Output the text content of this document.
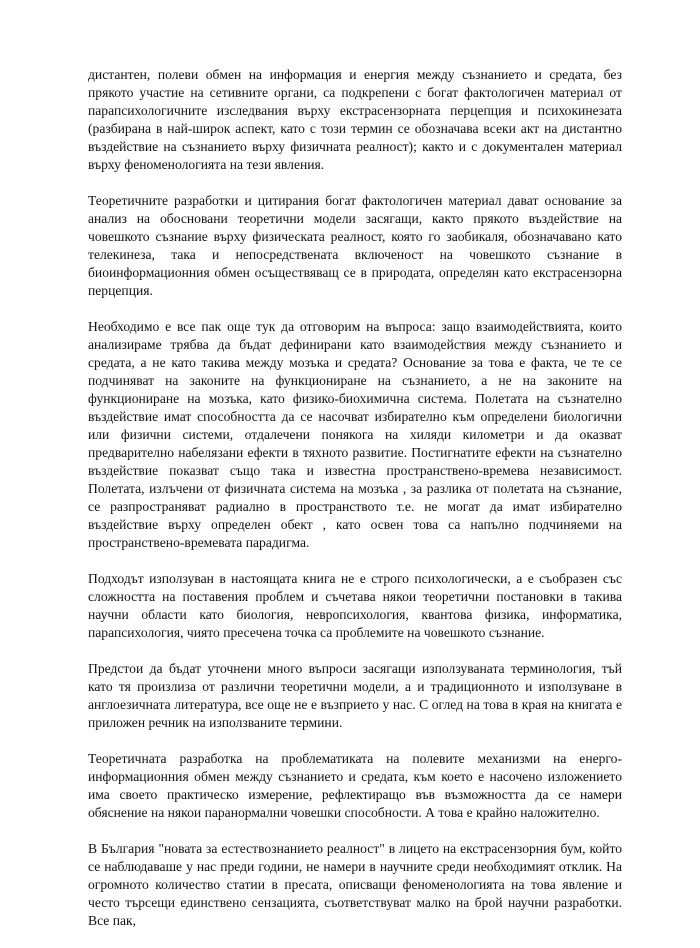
дистантен, полеви обмен на информация и енергия между съзнанието и средата, без прякото участие на сетивните органи, са подкрепени с богат фактологичен материал от парапсихологичните изследвания върху екстрасензорната перцепция и психокинезата (разбирана в най-широк аспект, като с този термин се обозначава всеки акт на дистантно въздействие на съзнанието върху физичната реалност); както и с документален материал върху феноменологията на тези явления.

Теоретичните разработки и цитирания богат фактологичен материал дават основание за анализ на обосновани теоретични модели засягащи, както прякото въздействие на човешкото съзнание върху физическата реалност, която го заобикаля, обозначавано като телекинеза, така и непосредствената включеност на човешкото съзнание в биоинформационния обмен осъществяващ се в природата, определян като екстрасензорна перцепция.

Необходимо е все пак още тук да отговорим на въпроса: защо взаимодействията, които анализираме трябва да бъдат дефинирани като взаимодействия между съзнанието и средата, а не като такива между мозъка и средата? Основание за това е факта, че те се подчиняват на законите на функциониране на съзнанието, а не на законите на функциониране на мозъка, като физико-биохимична система. Полетата на съзнателно въздействие имат способността да се насочват избирателно към определени биологични или физични системи, отдалечени понякога на хиляди километри и да оказват предварително набелязани ефекти в тяхното развитие. Постигнатите ефекти на съзнателно въздействие показват също така и известна пространствено-времева независимост. Полетата, излъчени от физичната система на мозъка , за разлика от полетата на съзнание, се разпространяват радиално в пространството т.е. не могат да имат избирателно въздействие върху определен обект , като освен това са напълно подчиняеми на пространствено-времевата парадигма.

Подходът използуван в настоящата книга не е строго психологически, а е съобразен със сложността на поставения проблем и съчетава някои теоретични постановки в такива научни области като биология, невропсихология, квантова физика, информатика, парапсихология, чиято пресечена точка са проблемите на човешкото съзнание.

Предстои да бъдат уточнени много въпроси засягащи използуваната терминология, тъй като тя произлиза от различни теоретични модели, а и традиционното и използуване в англоезичната литература, все още не е възприето у нас. С оглед на това в края на книгата е приложен речник на използваните термини.

Теоретичната разработка на проблематиката на полевите механизми на енерго-информационния обмен между съзнанието и средата, към което е насочено изложението има своето практическо измерение, рефлектиращо във възможността да се намери обяснение на някои паранормални човешки способности. А това е крайно наложително.

В България "новата за естествознанието реалност" в лицето на екстрасензорния бум, който се наблюдаваше у нас преди години, не намери в научните среди необходимият отклик. На огромното количество статии в пресата, описващи феноменологията на това явление и често търсещи единствено сензацията, съответствуват малко на брой научни разработки. Все пак,
